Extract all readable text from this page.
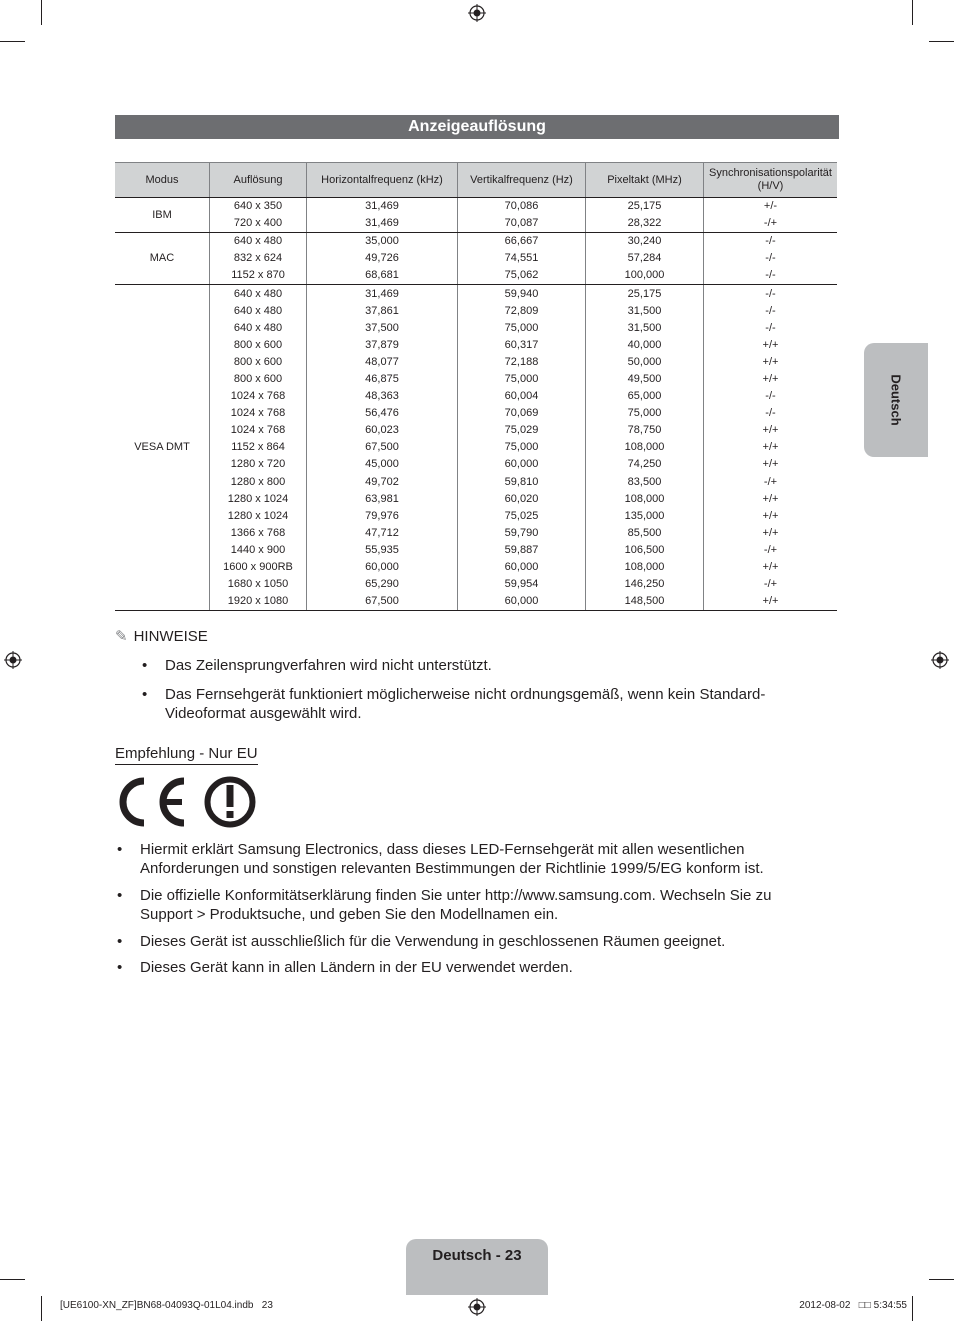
Anzeigeauflösung
Modus	Auflösung	Horizontalfrequenz (kHz)	Vertikalfrequenz (Hz)	Pixeltakt (MHz)	Synchronisationspolarität (H/V)
IBM	640 x 350	31,469	70,086	25,175	+/-
	720 x 400	31,469	70,087	28,322	-/+
MAC	640 x 480	35,000	66,667	30,240	-/-
	832 x 624	49,726	74,551	57,284	-/-
	1152 x 870	68,681	75,062	100,000	-/-
VESA DMT	640 x 480	31,469	59,940	25,175	-/-
	640 x 480	37,861	72,809	31,500	-/-
	640 x 480	37,500	75,000	31,500	-/-
	800 x 600	37,879	60,317	40,000	+/+
	800 x 600	48,077	72,188	50,000	+/+
	800 x 600	46,875	75,000	49,500	+/+
	1024 x 768	48,363	60,004	65,000	-/-
	1024 x 768	56,476	70,069	75,000	-/-
	1024 x 768	60,023	75,029	78,750	+/+
	1152 x 864	67,500	75,000	108,000	+/+
	1280 x 720	45,000	60,000	74,250	+/+
	1280 x 800	49,702	59,810	83,500	-/+
	1280 x 1024	63,981	60,020	108,000	+/+
	1280 x 1024	79,976	75,025	135,000	+/+
	1366 x 768	47,712	59,790	85,500	+/+
	1440 x 900	55,935	59,887	106,500	-/+
	1600 x 900RB	60,000	60,000	108,000	+/+
	1680 x 1050	65,290	59,954	146,250	-/+
	1920 x 1080	67,500	60,000	148,500	+/+
✎ HINWEISE
• Das Zeilensprungverfahren wird nicht unterstützt.
• Das Fernsehgerät funktioniert möglicherweise nicht ordnungsgemäß, wenn kein Standard-Videoformat ausgewählt wird.
Empfehlung - Nur EU
• Hiermit erklärt Samsung Electronics, dass dieses LED-Fernsehgerät mit allen wesentlichen Anforderungen und sonstigen relevanten Bestimmungen der Richtlinie 1999/5/EG konform ist.
• Die offizielle Konformitätserklärung finden Sie unter http://www.samsung.com. Wechseln Sie zu Support > Produktsuche, und geben Sie den Modellnamen ein.
• Dieses Gerät ist ausschließlich für die Verwendung in geschlossenen Räumen geeignet.
• Dieses Gerät kann in allen Ländern in der EU verwendet werden.
Deutsch
Deutsch - 23
[UE6100-XN_ZF]BN68-04093Q-01L04.indb   23	2012-08-02   □□ 5:34:55
